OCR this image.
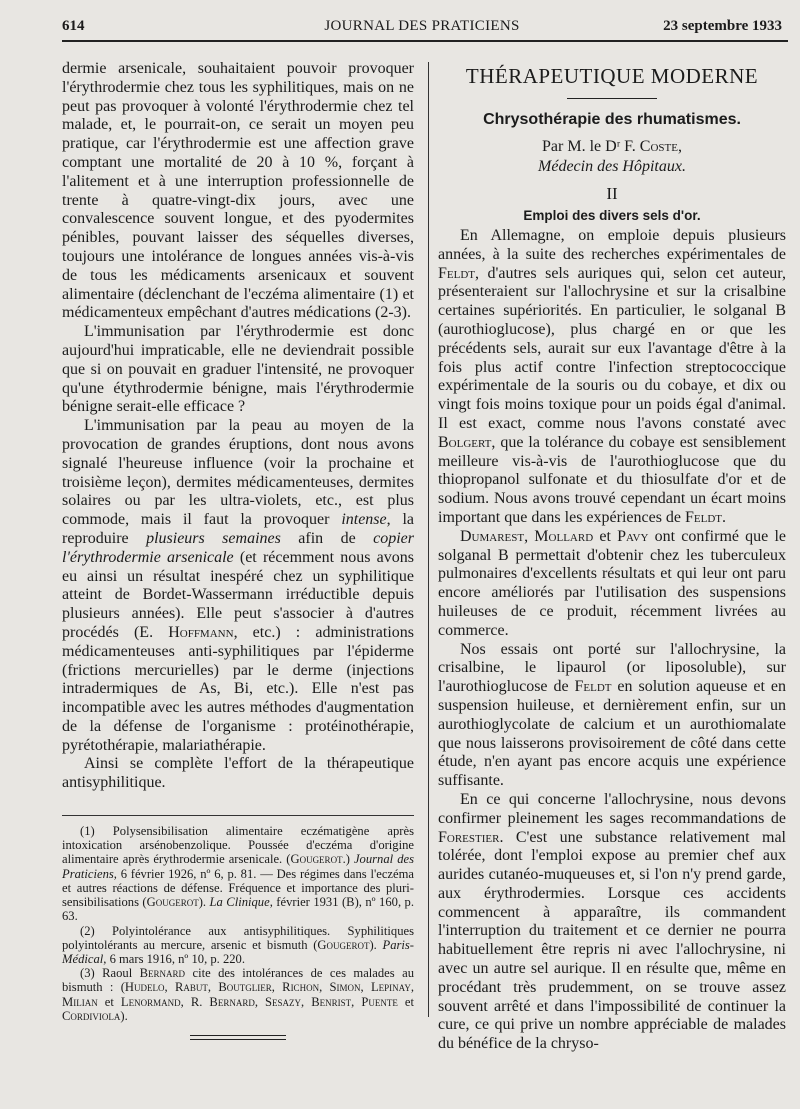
614	JOURNAL DES PRATICIENS	23 septembre 1933

dermie arsenicale, souhaitaient pouvoir provoquer l'érythrodermie chez tous les syphilitiques, mais on ne peut pas provoquer à volonté l'érythrodermie chez tel malade, et, le pourrait-on, ce serait un moyen peu pratique, car l'érythrodermie est une affection grave comptant une mortalité de 20 à 10 %, forçant à l'alitement et à une interruption professionnelle de trente à quatre-vingt-dix jours, avec une convalescence souvent longue, et des pyodermites pénibles, pouvant laisser des séquelles diverses, toujours une intolérance de longues années vis-à-vis de tous les médicaments arsenicaux et souvent alimentaire (déclenchant de l'eczéma alimentaire (1) et médicamenteux empêchant d'autres médications (2-3).

L'immunisation par l'érythrodermie est donc aujourd'hui impraticable, elle ne deviendrait possible que si on pouvait en graduer l'intensité, ne provoquer qu'une étythrodermie bénigne, mais l'érythrodermie bénigne serait-elle efficace ?

L'immunisation par la peau au moyen de la provocation de grandes éruptions, dont nous avons signalé l'heureuse influence (voir la prochaine et troisième leçon), dermites médicamenteuses, dermites solaires ou par les ultra-violets, etc., est plus commode, mais il faut la provoquer intense, la reproduire plusieurs semaines afin de copier l'érythrodermie arsenicale (et récemment nous avons eu ainsi un résultat inespéré chez un syphilitique atteint de Bordet-Wassermann irréductible depuis plusieurs années). Elle peut s'associer à d'autres procédés (E. Hoffmann, etc.) : administrations médicamenteuses anti-syphilitiques par l'épiderme (frictions mercurielles) par le derme (injections intradermiques de As, Bi, etc.). Elle n'est pas incompatible avec les autres méthodes d'augmentation de la défense de l'organisme : protéinothérapie, pyrétothérapie, malariathérapie.

Ainsi se complète l'effort de la thérapeutique antisyphilitique.

(1) Polysensibilisation alimentaire eczématigène après intoxication arsénobenzolique. Poussée d'eczéma d'origine alimentaire après érythrodermie arsenicale. (Gougerot.) Journal des Praticiens, 6 février 1926, nº 6, p. 81. — Des régimes dans l'eczéma et autres réactions de défense. Fréquence et importance des pluri-sensibilisations (Gougerot). La Clinique, février 1931 (B), nº 160, p. 63.

(2) Polyintolérance aux antisyphilitiques. Syphilitiques polyintolérants au mercure, arsenic et bismuth (Gougerot). Paris-Médical, 6 mars 1916, nº 10, p. 220.

(3) Raoul Bernard cite des intolérances de ces malades au bismuth : (Hudelo, Rabut, Boutglier, Richon, Simon, Lepinay, Milian et Lenormand, R. Bernard, Sesazy, Benrist, Puente et Cordiviola).

THÉRAPEUTIQUE MODERNE
Chrysothérapie des rhumatismes.

Par M. le Dʳ F. Coste,

Médecin des Hôpitaux.

II
Emploi des divers sels d'or.

En Allemagne, on emploie depuis plusieurs années, à la suite des recherches expérimentales de Feldt, d'autres sels auriques qui, selon cet auteur, présenteraient sur l'allochrysine et sur la crisalbine certaines supériorités. En particulier, le solganal B (aurothioglucose), plus chargé en or que les précédents sels, aurait sur eux l'avantage d'être à la fois plus actif contre l'infection streptococcique expérimentale de la souris ou du cobaye, et dix ou vingt fois moins toxique pour un poids égal d'animal. Il est exact, comme nous l'avons constaté avec Bolgert, que la tolérance du cobaye est sensiblement meilleure vis-à-vis de l'aurothioglucose que du thiopropanol sulfonate et du thiosulfate d'or et de sodium. Nous avons trouvé cependant un écart moins important que dans les expériences de Feldt.

Dumarest, Mollard et Pavy ont confirmé que le solganal B permettait d'obtenir chez les tuberculeux pulmonaires d'excellents résultats et qui leur ont paru encore améliorés par l'utilisation des suspensions huileuses de ce produit, récemment livrées au commerce.

Nos essais ont porté sur l'allochrysine, la crisalbine, le lipaurol (or liposoluble), sur l'aurothioglucose de Feldt en solution aqueuse et en suspension huileuse, et dernièrement enfin, sur un aurothioglycolate de calcium et un aurothiomalate que nous laisserons provisoirement de côté dans cette étude, n'en ayant pas encore acquis une expérience suffisante.

En ce qui concerne l'allochrysine, nous devons confirmer pleinement les sages recommandations de Forestier. C'est une substance relativement mal tolérée, dont l'emploi expose au premier chef aux aurides cutanéo-muqueuses et, si l'on n'y prend garde, aux érythrodermies. Lorsque ces accidents commencent à apparaître, ils commandent l'interruption du traitement et ce dernier ne pourra habituellement être repris ni avec l'allochrysine, ni avec un autre sel aurique. Il en résulte que, même en procédant très prudemment, on se trouve assez souvent arrêté et dans l'impossibilité de continuer la cure, ce qui prive un nombre appréciable de malades du bénéfice de la chryso-
